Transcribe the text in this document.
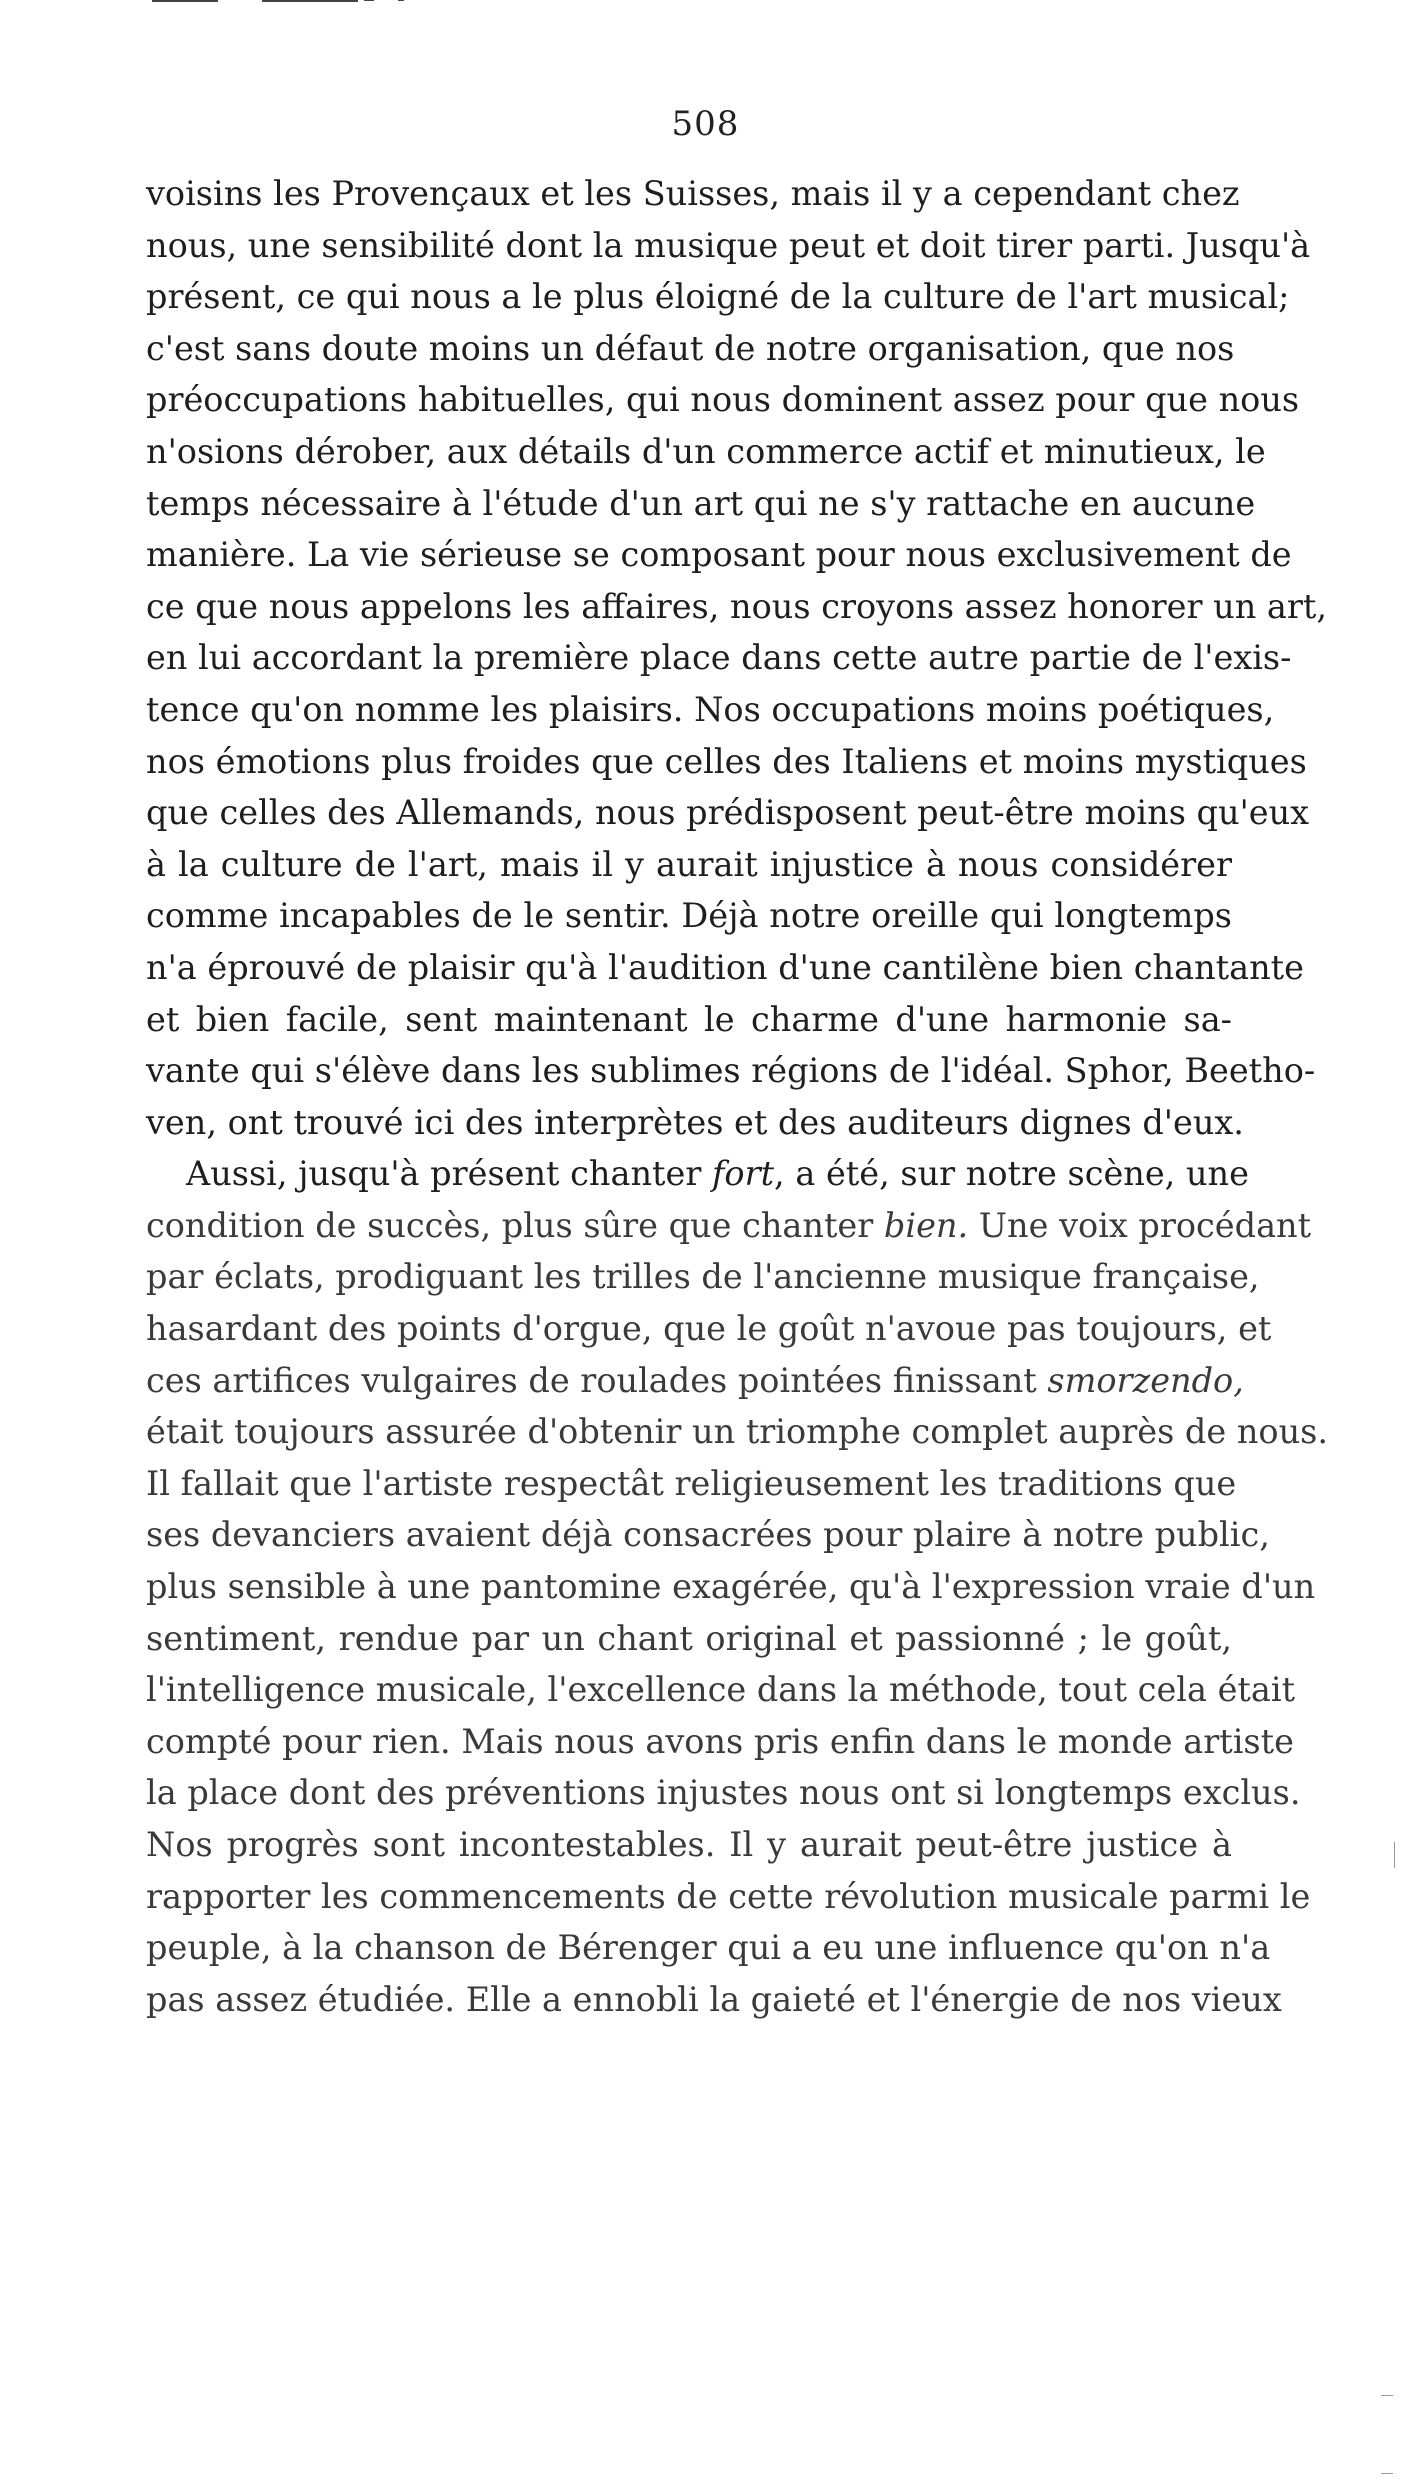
508
voisins les Provençaux et les Suisses, mais il y a cependant chez
nous, une sensibilité dont la musique peut et doit tirer parti. Jusqu'à
présent, ce qui nous a le plus éloigné de la culture de l'art musical;
c'est sans doute moins un défaut de notre organisation, que nos
préoccupations habituelles, qui nous dominent assez pour que nous
n'osions dérober, aux détails d'un commerce actif et minutieux, le
temps nécessaire à l'étude d'un art qui ne s'y rattache en aucune
manière. La vie sérieuse se composant pour nous exclusivement de
ce que nous appelons les affaires, nous croyons assez honorer un art,
en lui accordant la première place dans cette autre partie de l'exis-
tence qu'on nomme les plaisirs. Nos occupations moins poétiques,
nos émotions plus froides que celles des Italiens et moins mystiques
que celles des Allemands, nous prédisposent peut-être moins qu'eux
à la culture de l'art, mais il y aurait injustice à nous considérer
comme incapables de le sentir. Déjà notre oreille qui longtemps
n'a éprouvé de plaisir qu'à l'audition d'une cantilène bien chantante
et bien facile, sent maintenant le charme d'une harmonie sa-
vante qui s'élève dans les sublimes régions de l'idéal. Sphor, Beetho-
ven, ont trouvé ici des interprètes et des auditeurs dignes d'eux.
Aussi, jusqu'à présent chanter fort, a été, sur notre scène, une
condition de succès, plus sûre que chanter bien. Une voix procédant
par éclats, prodiguant les trilles de l'ancienne musique française,
hasardant des points d'orgue, que le goût n'avoue pas toujours, et
ces artifices vulgaires de roulades pointées finissant smorzendo,
était toujours assurée d'obtenir un triomphe complet auprès de nous.
Il fallait que l'artiste respectât religieusement les traditions que
ses devanciers avaient déjà consacrées pour plaire à notre public,
plus sensible à une pantomine exagérée, qu'à l'expression vraie d'un
sentiment, rendue par un chant original et passionné ; le goût,
l'intelligence musicale, l'excellence dans la méthode, tout cela était
compté pour rien. Mais nous avons pris enfin dans le monde artiste
la place dont des préventions injustes nous ont si longtemps exclus.
Nos progrès sont incontestables. Il y aurait peut-être justice à
rapporter les commencements de cette révolution musicale parmi le
peuple, à la chanson de Bérenger qui a eu une influence qu'on n'a
pas assez étudiée. Elle a ennobli la gaieté et l'énergie de nos vieux
